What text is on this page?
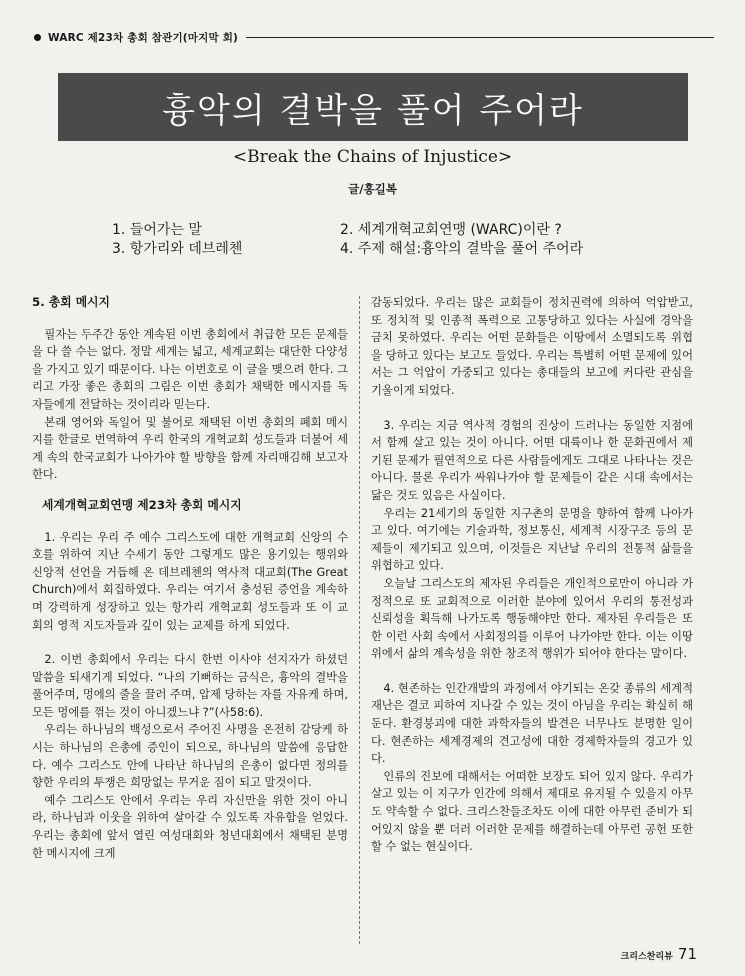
WARC 제23차 총회 참관기(마지막 회)
흉악의 결박을 풀어 주어라
<Break the Chains of Injustice>
글/홍길복
1. 들어가는 말
3. 항가리와 데브레첸
2. 세계개혁교회연맹 (WARC)이란 ?
4. 주제 해설:흉악의 결박을 풀어 주어라
5. 총회 메시지

필자는 두주간 동안 계속된 이번 총회에서 취급한 모든 문제들을 다 쓸 수는 없다. 정말 세계는 넓고, 세계교회는 대단한 다양성을 가지고 있기 때문이다. 나는 이번호로 이 글을 맺으려 한다. 그리고 가장 좋은 총회의 그림은 이번 총회가 채택한 메시지를 독자들에게 전달하는 것이리라 믿는다.

본래 영어와 독일어 및 불어로 채택된 이번 총회의 폐회 메시지를 한글로 번역하여 우리 한국의 개혁교회 성도들과 더불어 세계 속의 한국교회가 나아가야 할 방향을 함께 자리매김해 보고자 한다.

세계개혁교회연맹 제23차 총회 메시지

1. 우리는 우리 주 예수 그리스도에 대한 개혁교회 신앙의 수호를 위하여 지난 수세기 동안 그렇게도 많은 용기있는 행위와 신앙적 선언을 거듭해 온 데브레첸의 역사적 대교회(The Great Church)에서 회집하였다. 우리는 여기서 충성된 증언을 계속하며 강력하게 성장하고 있는 항가리 개혁교회 성도들과 또 이 교회의 영적 지도자들과 깊이 있는 교제를 하게 되었다.

2. 이번 총회에서 우리는 다시 한번 이사야 선지자가 하셨던 말씀을 되새기게 되었다. “나의 기뻐하는 금식은, 흉악의 결박을 풀어주며, 멍에의 줄을 끌러 주며, 압제 당하는 자를 자유케 하며, 모든 멍에를 꺾는 것이 아니겠느냐 ?”(사58:6).

우리는 하나님의 백성으로서 주어진 사명을 온전히 감당케 하시는 하나님의 은총에 증인이 되으로, 하나님의 말씀에 응답한다. 예수 그리스도 안에 나타난 하나님의 은총이 없다면 정의를 향한 우리의 투쟁은 희망없는 무거운 짐이 되고 말것이다.

예수 그리스도 안에서 우리는 우리 자신만을 위한 것이 아니라, 하나님과 이웃을 위하여 살아갈 수 있도록 자유함을 얻었다. 우리는 총회에 앞서 열린 여성대회와 청년대회에서 채택된 분명한 메시지에 크게

감동되었다. 우리는 많은 교회들이 정치권력에 의하여 억압받고, 또 정치적 및 인종적 폭력으로 고통당하고 있다는 사실에 경악을 금치 못하였다. 우리는 어떤 문화들은 이땅에서 소멸되도록 위협을 당하고 있다는 보고도 들었다. 우리는 특별히 어떤 문제에 있어서는 그 억압이 가중되고 있다는 총대들의 보고에 커다란 관심을 기울이게 되었다.

3. 우리는 지금 역사적 경험의 진상이 드러나는 동일한 지점에서 함께 살고 있는 것이 아니다. 어떤 대륙이나 한 문화권에서 제기된 문제가 필연적으로 다른 사람들에게도 그대로 나타나는 것은 아니다. 물론 우리가 싸워나가야 할 문제들이 같은 시대 속에서는 닮은 것도 있음은 사실이다.

우리는 21세기의 동일한 지구촌의 문명을 향하여 함께 나아가고 있다. 여기에는 기술과학, 정보통신, 세계적 시장구조 등의 문제들이 제기되고 있으며, 이것들은 지난날 우리의 전통적 삶들을 위협하고 있다.

오늘날 그리스도의 제자된 우리들은 개인적으로만이 아니라 가정적으로 또 교회적으로 이러한 분야에 있어서 우리의 통전성과 신뢰성을 획득해 나가도록 행동해야만 한다. 제자된 우리들은 또한 이런 사회 속에서 사회정의를 이루어 나가야만 한다. 이는 이땅위에서 삶의 계속성을 위한 창조적 행위가 되어야 한다는 말이다.

4. 현존하는 인간개발의 과정에서 야기되는 온갖 종류의 세계적 재난은 결코 피하여 지나갈 수 있는 것이 아님을 우리는 확실히 해 둔다. 환경붕괴에 대한 과학자들의 발견은 너무나도 분명한 일이다. 현존하는 세계경제의 견고성에 대한 경제학자들의 경고가 있다.

인류의 진보에 대해서는 어떠한 보장도 되어 있지 않다. 우리가 살고 있는 이 지구가 인간에 의해서 제대로 유지될 수 있을지 아무도 약속할 수 없다. 크리스찬들조차도 이에 대한 아무런 준비가 되어있지 않을 뿐 더러 이러한 문제를 해결하는데 아무런 공헌 또한 할 수 없는 현실이다.

크리스찬리뷰 71
